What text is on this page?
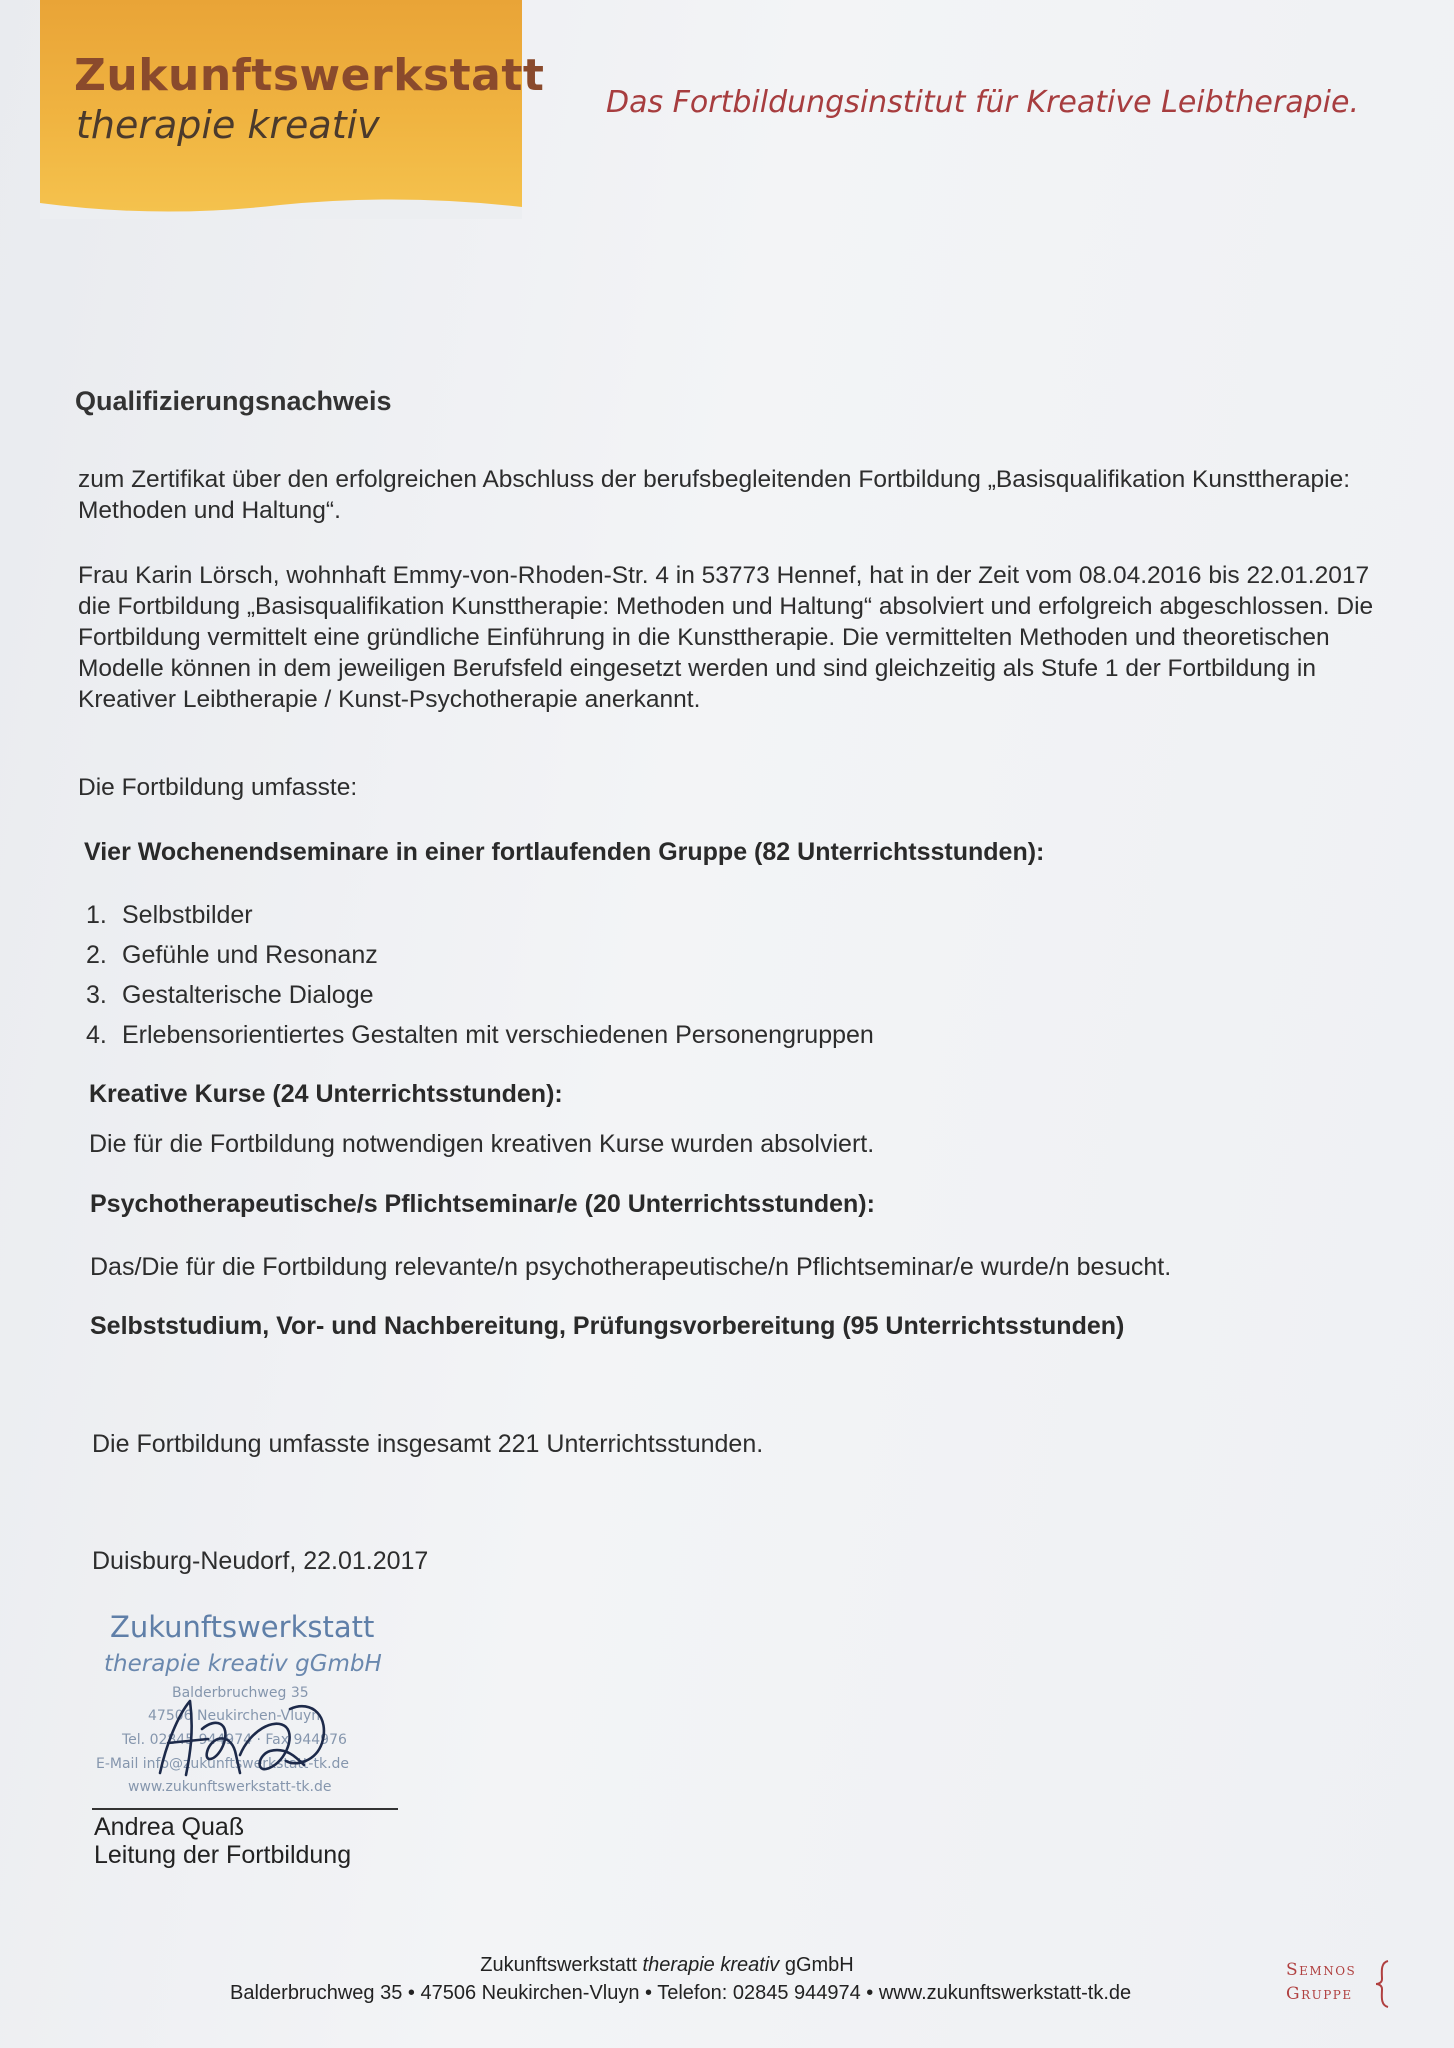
Zukunftswerkstatt
therapie kreativ
Das Fortbildungsinstitut für Kreative Leibtherapie.
Qualifizierungsnachweis
zum Zertifikat über den erfolgreichen Abschluss der berufsbegleitenden Fortbildung „Basisqualifikation Kunsttherapie: Methoden und Haltung“.
Frau Karin Lörsch, wohnhaft Emmy-von-Rhoden-Str. 4 in 53773 Hennef, hat in der Zeit vom 08.04.2016 bis 22.01.2017 die Fortbildung „Basisqualifikation Kunsttherapie: Methoden und Haltung“ absolviert und erfolgreich abgeschlossen. Die Fortbildung vermittelt eine gründliche Einführung in die Kunsttherapie. Die vermittelten Methoden und theoretischen Modelle können in dem jeweiligen Berufsfeld eingesetzt werden und sind gleichzeitig als Stufe 1 der Fortbildung in Kreativer Leibtherapie / Kunst-Psychotherapie anerkannt.
Die Fortbildung umfasste:
Vier Wochenendseminare in einer fortlaufenden Gruppe (82 Unterrichtsstunden):
1. Selbstbilder
2. Gefühle und Resonanz
3. Gestalterische Dialoge
4. Erlebensorientiertes Gestalten mit verschiedenen Personengruppen
Kreative Kurse (24 Unterrichtsstunden):
Die für die Fortbildung notwendigen kreativen Kurse wurden absolviert.
Psychotherapeutische/s Pflichtseminar/e (20 Unterrichtsstunden):
Das/Die für die Fortbildung relevante/n psychotherapeutische/n Pflichtseminar/e wurde/n besucht.
Selbststudium, Vor- und Nachbereitung, Prüfungsvorbereitung (95 Unterrichtsstunden)
Die Fortbildung umfasste insgesamt 221 Unterrichtsstunden.
Duisburg-Neudorf, 22.01.2017
Zukunftswerkstatt
therapie kreativ gGmbH
Balderbruchweg 35
47506 Neukirchen-Vluyn
Tel. 02845 944974 · Fax 944976
E-Mail info@zukunftswerkstatt-tk.de
www.zukunftswerkstatt-tk.de
Andrea Quaß
Leitung der Fortbildung
Zukunftswerkstatt therapie kreativ gGmbH
Balderbruchweg 35 • 47506 Neukirchen-Vluyn • Telefon: 02845 944974 • www.zukunftswerkstatt-tk.de
Semnos
Gruppe
